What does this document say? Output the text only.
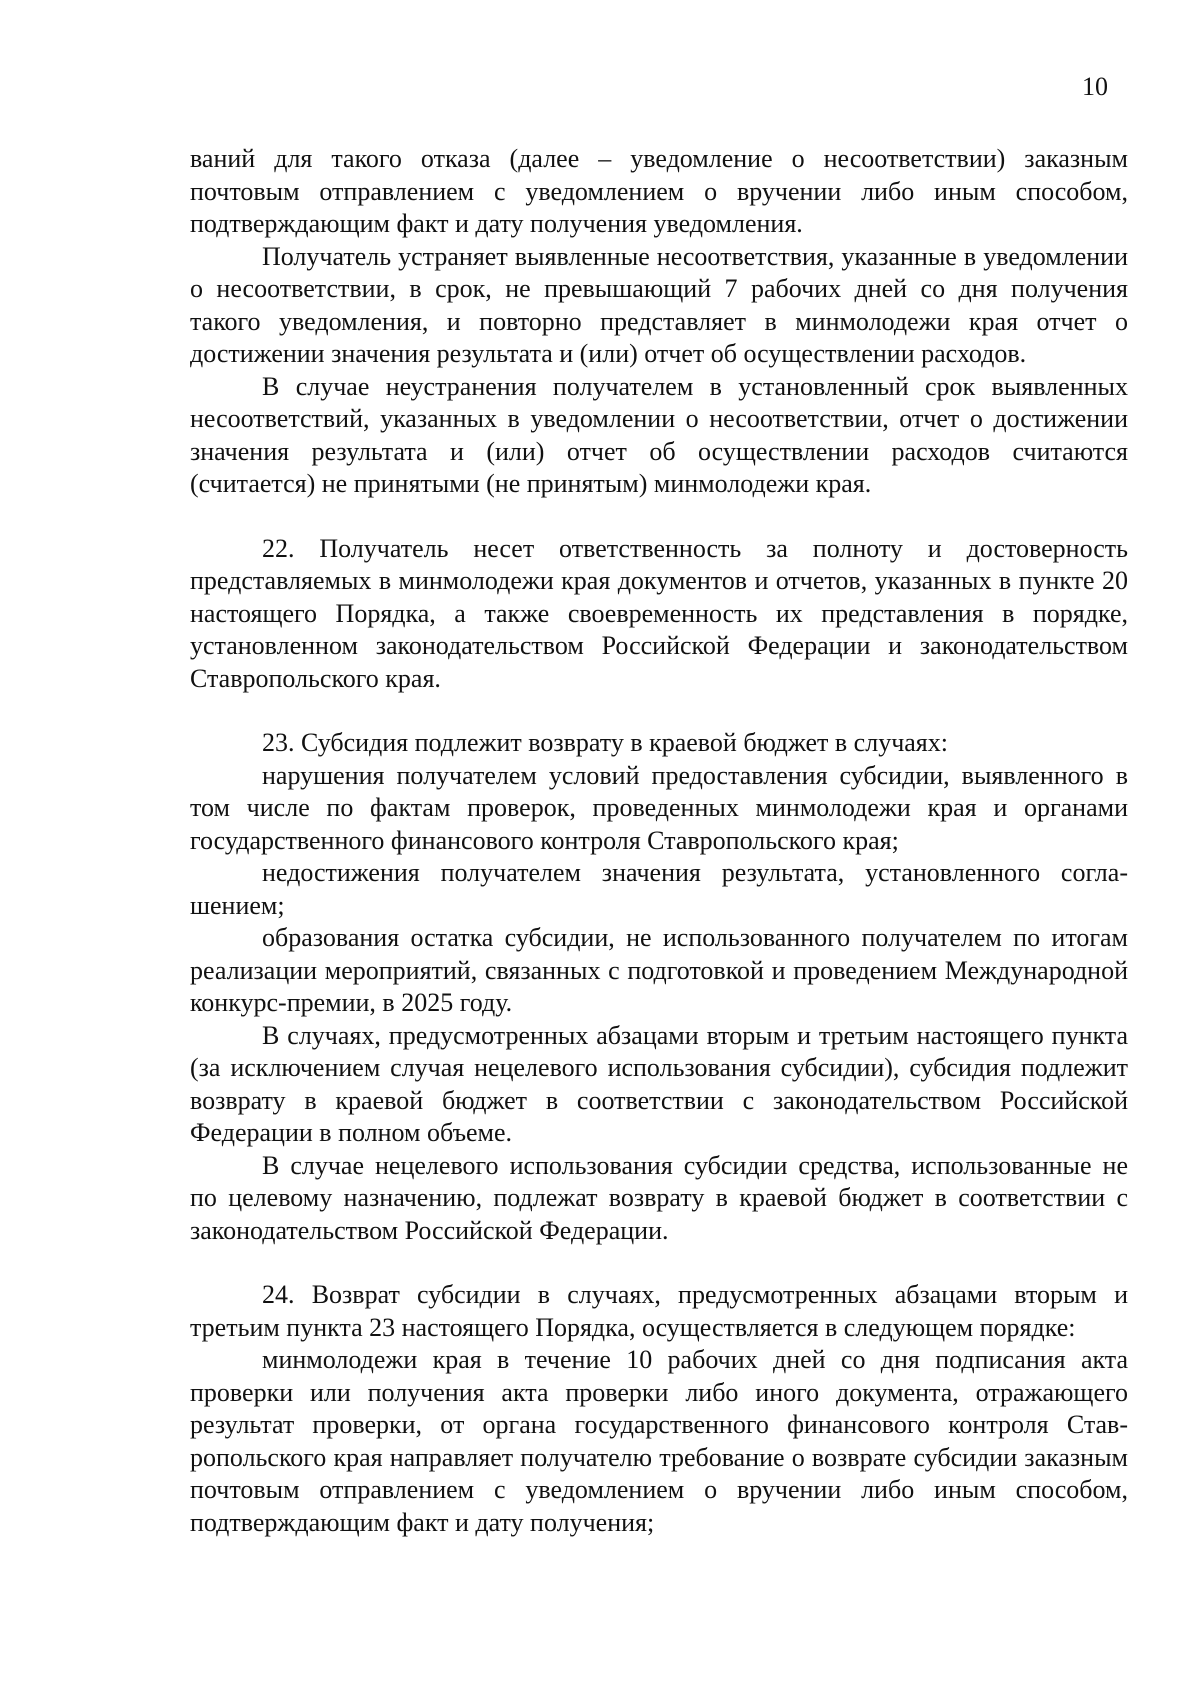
10

ваний для такого отказа (далее – уведомление о несоответствии) заказным почтовым отправлением с уведомлением о вручении либо иным способом, подтверждающим факт и дату получения уведомления.

Получатель устраняет выявленные несоответствия, указанные в уведомлении о несоответствии, в срок, не превышающий 7 рабочих дней со дня получения такого уведомления, и повторно представляет в минмолодежи края отчет о достижении значения результата и (или) отчет об осуществлении расходов.

В случае неустранения получателем в установленный срок выявленных несоответствий, указанных в уведомлении о несоответствии, отчет о достижении значения результата и (или) отчет об осуществлении расходов считаются (считается) не принятыми (не принятым) минмолодежи края.

22. Получатель несет ответственность за полноту и достоверность представляемых в минмолодежи края документов и отчетов, указанных в пункте 20 настоящего Порядка, а также своевременность их представления в порядке, установленном законодательством Российской Федерации и законодательством Ставропольского края.

23. Субсидия подлежит возврату в краевой бюджет в случаях:

нарушения получателем условий предоставления субсидии, выявленного в том числе по фактам проверок, проведенных минмолодежи края и органами государственного финансового контроля Ставропольского края;

недостижения получателем значения результата, установленного соглашением;

образования остатка субсидии, не использованного получателем по итогам реализации мероприятий, связанных с подготовкой и проведением Международной конкурс-премии, в 2025 году.

В случаях, предусмотренных абзацами вторым и третьим настоящего пункта (за исключением случая нецелевого использования субсидии), субсидия подлежит возврату в краевой бюджет в соответствии с законодательством Российской Федерации в полном объеме.

В случае нецелевого использования субсидии средства, использованные не по целевому назначению, подлежат возврату в краевой бюджет в соответствии с законодательством Российской Федерации.

24. Возврат субсидии в случаях, предусмотренных абзацами вторым и третьим пункта 23 настоящего Порядка, осуществляется в следующем порядке:

минмолодежи края в течение 10 рабочих дней со дня подписания акта проверки или получения акта проверки либо иного документа, отражающего результат проверки, от органа государственного финансового контроля Ставропольского края направляет получателю требование о возврате субсидии заказным почтовым отправлением с уведомлением о вручении либо иным способом, подтверждающим факт и дату получения;
